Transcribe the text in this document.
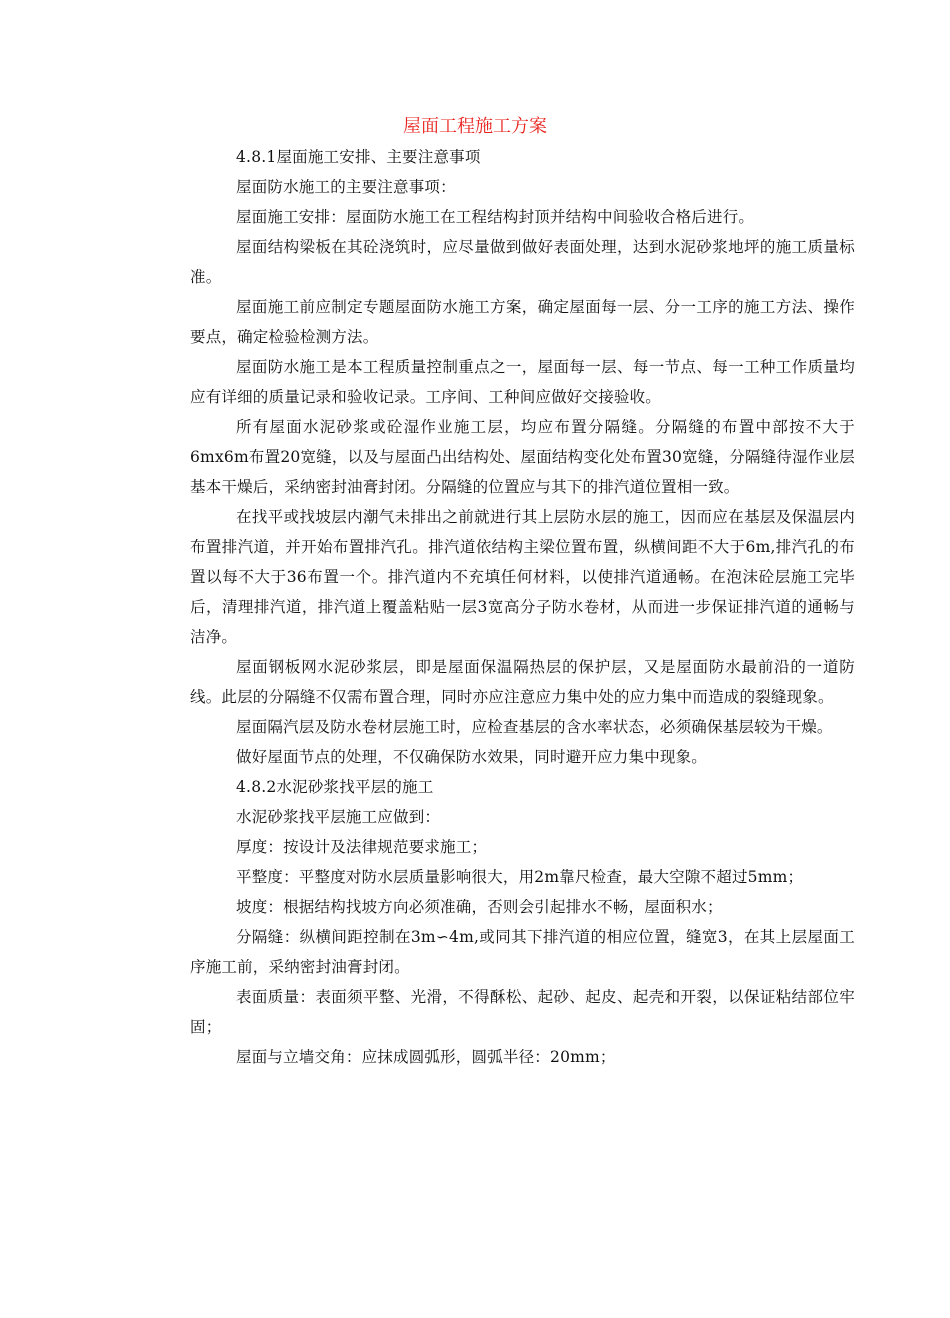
屋面工程施工方案

4.8.1屋面施工安排、主要注意事项

屋面防水施工的主要注意事项：

屋面施工安排：屋面防水施工在工程结构封顶并结构中间验收合格后进行。

屋面结构梁板在其砼浇筑时，应尽量做到做好表面处理，达到水泥砂浆地坪的施工质量标准。

屋面施工前应制定专题屋面防水施工方案，确定屋面每一层、分一工序的施工方法、操作要点，确定检验检测方法。

屋面防水施工是本工程质量控制重点之一，屋面每一层、每一节点、每一工种工作质量均应有详细的质量记录和验收记录。工序间、工种间应做好交接验收。

所有屋面水泥砂浆或砼湿作业施工层，均应布置分隔缝。分隔缝的布置中部按不大于6mx6m布置20宽缝，以及与屋面凸出结构处、屋面结构变化处布置30宽缝，分隔缝待湿作业层基本干燥后，采纳密封油膏封闭。分隔缝的位置应与其下的排汽道位置相一致。

在找平或找坡层内潮气未排出之前就进行其上层防水层的施工，因而应在基层及保温层内布置排汽道，并开始布置排汽孔。排汽道依结构主梁位置布置，纵横间距不大于6m,排汽孔的布置以每不大于36布置一个。排汽道内不充填任何材料，以使排汽道通畅。在泡沫砼层施工完毕后，清理排汽道，排汽道上覆盖粘贴一层3宽高分子防水卷材，从而进一步保证排汽道的通畅与洁净。

屋面钢板网水泥砂浆层，即是屋面保温隔热层的保护层，又是屋面防水最前沿的一道防线。此层的分隔缝不仅需布置合理，同时亦应注意应力集中处的应力集中而造成的裂缝现象。

屋面隔汽层及防水卷材层施工时，应检查基层的含水率状态，必须确保基层较为干燥。

做好屋面节点的处理，不仅确保防水效果，同时避开应力集中现象。

4.8.2水泥砂浆找平层的施工

水泥砂浆找平层施工应做到：

厚度：按设计及法律规范要求施工；

平整度：平整度对防水层质量影响很大，用2m靠尺检查，最大空隙不超过5mm；

坡度：根据结构找坡方向必须准确，否则会引起排水不畅，屋面积水；

分隔缝：纵横间距控制在3m∽4m,或同其下排汽道的相应位置，缝宽3，在其上层屋面工序施工前，采纳密封油膏封闭。

表面质量：表面须平整、光滑，不得酥松、起砂、起皮、起壳和开裂，以保证粘结部位牢固；

屋面与立墙交角：应抹成圆弧形，圆弧半径：20mm；
